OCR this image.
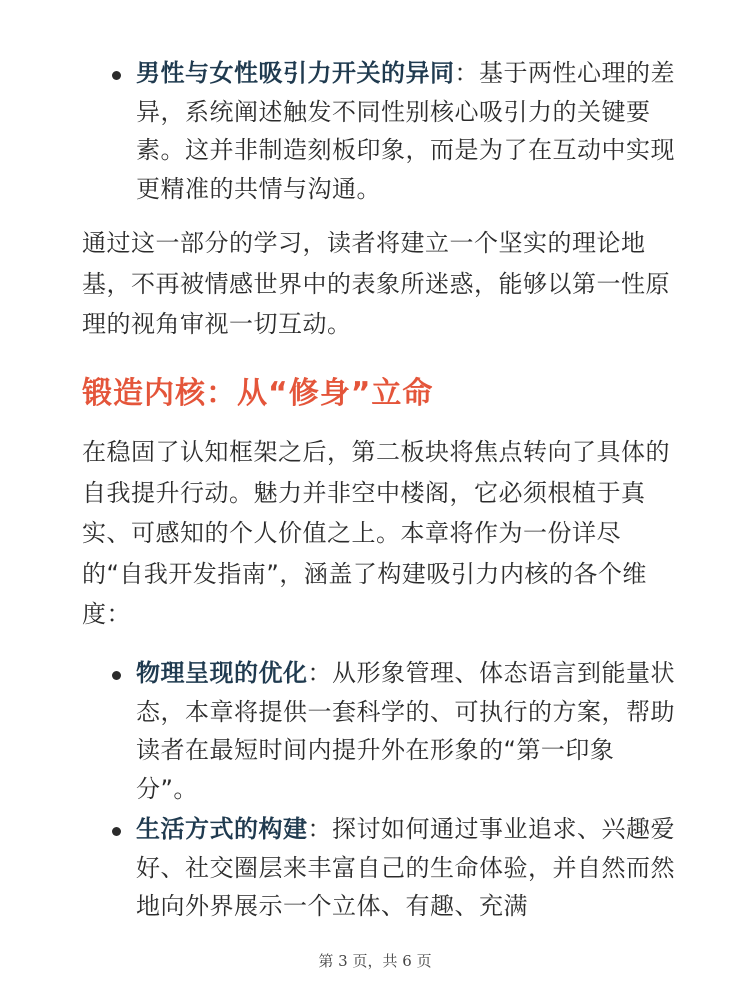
男性与女性吸引力开关的异同：基于两性心理的差异，系统阐述触发不同性别核心吸引力的关键要素。这并非制造刻板印象，而是为了在互动中实现更精准的共情与沟通。
通过这一部分的学习，读者将建立一个坚实的理论地基，不再被情感世界中的表象所迷惑，能够以第一性原理的视角审视一切互动。
锻造内核：从“修身”立命
在稳固了认知框架之后，第二板块将焦点转向了具体的自我提升行动。魅力并非空中楼阁，它必须根植于真实、可感知的个人价值之上。本章将作为一份详尽的“自我开发指南”，涵盖了构建吸引力内核的各个维度：
物理呈现的优化：从形象管理、体态语言到能量状态，本章将提供一套科学的、可执行的方案，帮助读者在最短时间内提升外在形象的“第一印象分”。
生活方式的构建：探讨如何通过事业追求、兴趣爱好、社交圈层来丰富自己的生命体验，并自然而然地向外界展示一个立体、有趣、充满
第 3 页，共 6 页
